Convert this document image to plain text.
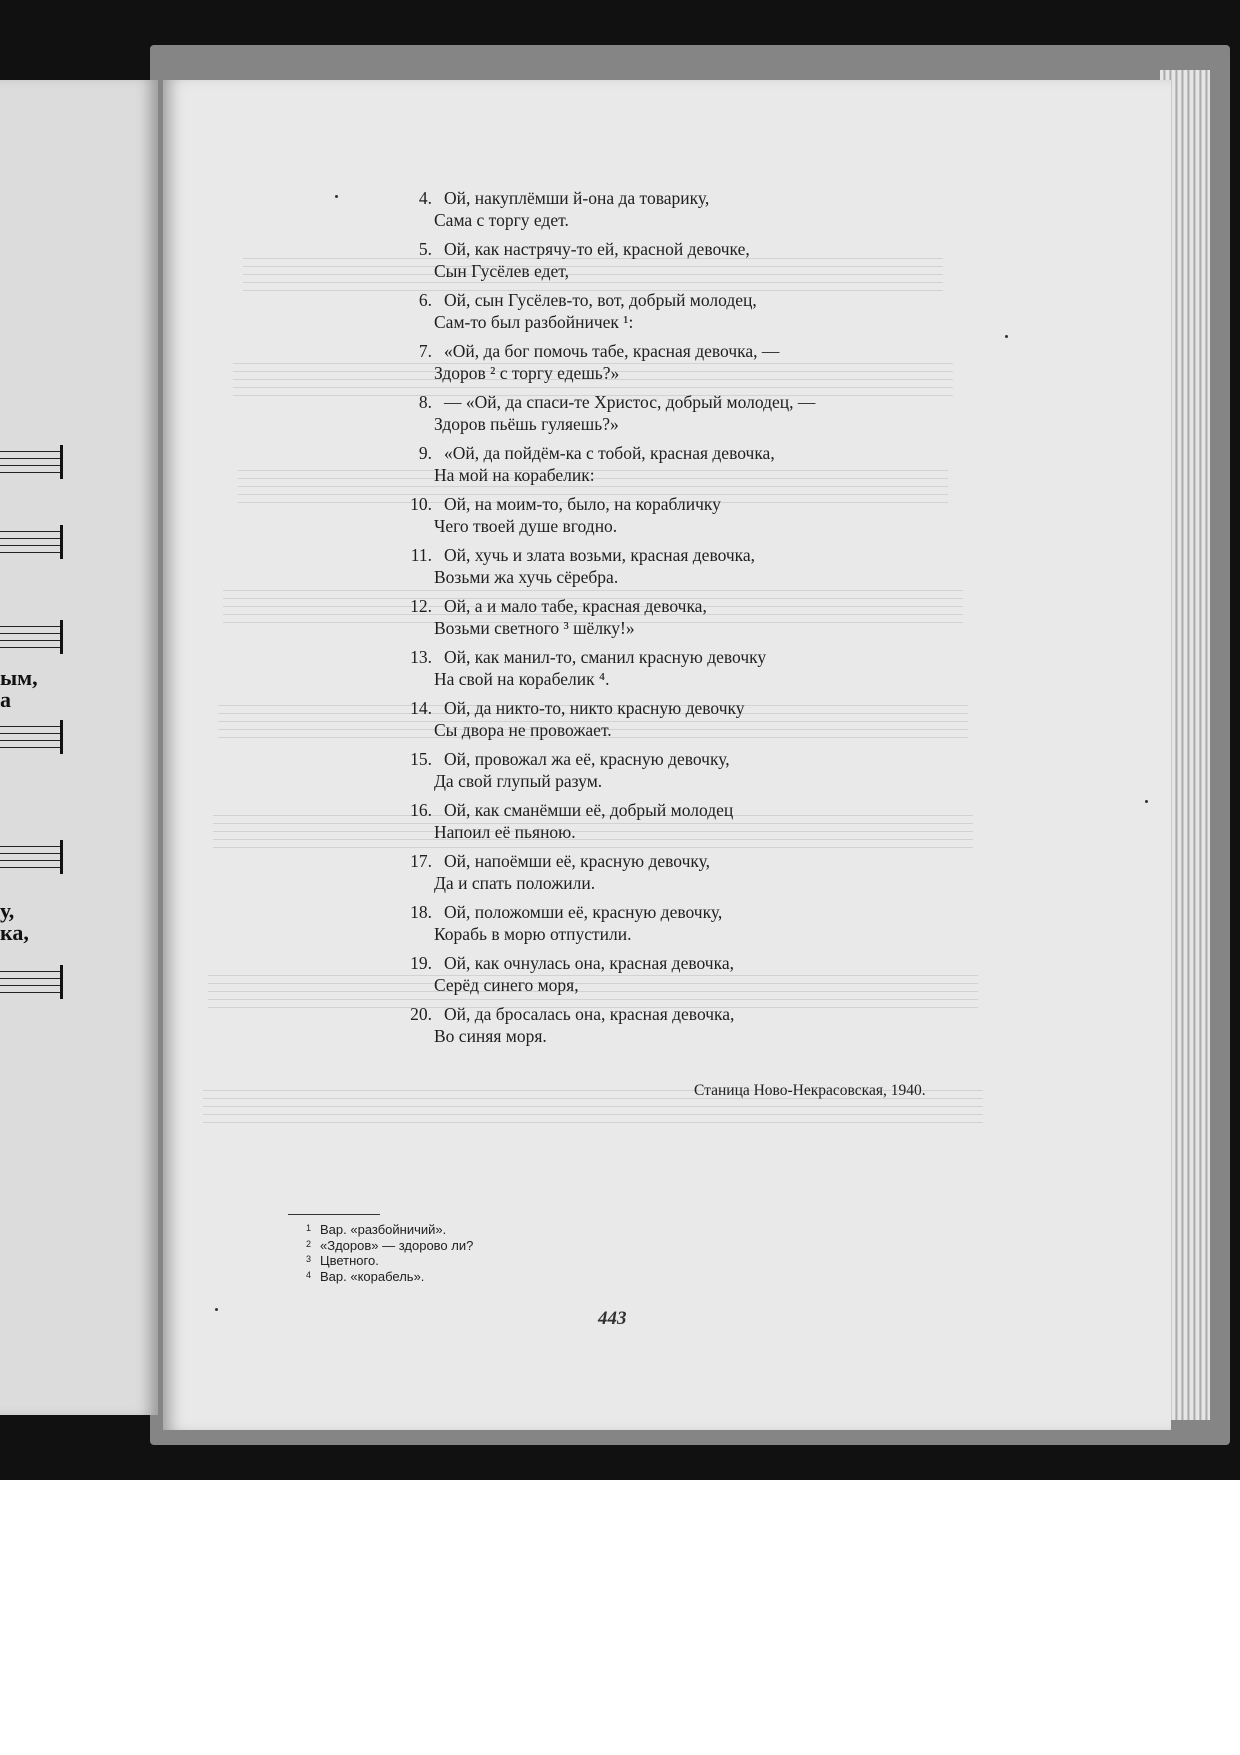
ым,
а
у,
ка,
4. Ой, накуплёмши й-она да товарику,
Сама с торгу едет.
5. Ой, как настрячу-то ей, красной девочке,
Сын Гусёлев едет,
6. Ой, сын Гусёлев-то, вот, добрый молодец,
Сам-то был разбойничек ¹:
7. «Ой, да бог помочь табе, красная девочка, —
Здоров ² с торгу едешь?»
8. — «Ой, да спаси-те Христос, добрый молодец, —
Здоров пьёшь гуляешь?»
9. «Ой, да пойдём-ка с тобой, красная девочка,
На мой на корабелик:
10. Ой, на моим-то, было, на корабличку
Чего твоей душе вгодно.
11. Ой, хучь и злата возьми, красная девочка,
Возьми жа хучь сёребра.
12. Ой, а и мало табе, красная девочка,
Возьми светного ³ шёлку!»
13. Ой, как манил-то, сманил красную девочку
На свой на корабелик ⁴.
14. Ой, да никто-то, никто красную девочку
Сы двора не провожает.
15. Ой, провожал жа её, красную девочку,
Да свой глупый разум.
16. Ой, как сманёмши её, добрый молодец
Напоил её пьяною.
17. Ой, напоёмши её, красную девочку,
Да и спать положили.
18. Ой, положомши её, красную девочку,
Корабь в морю отпустили.
19. Ой, как очнулась она, красная девочка,
Серёд синего моря,
20. Ой, да бросалась она, красная девочка,
Во синяя моря.
Станица Ново-Некрасовская, 1940.
1 Вар. «разбойничий».
2 «Здоров» — здорово ли?
3 Цветного.
4 Вар. «корабель».
443
